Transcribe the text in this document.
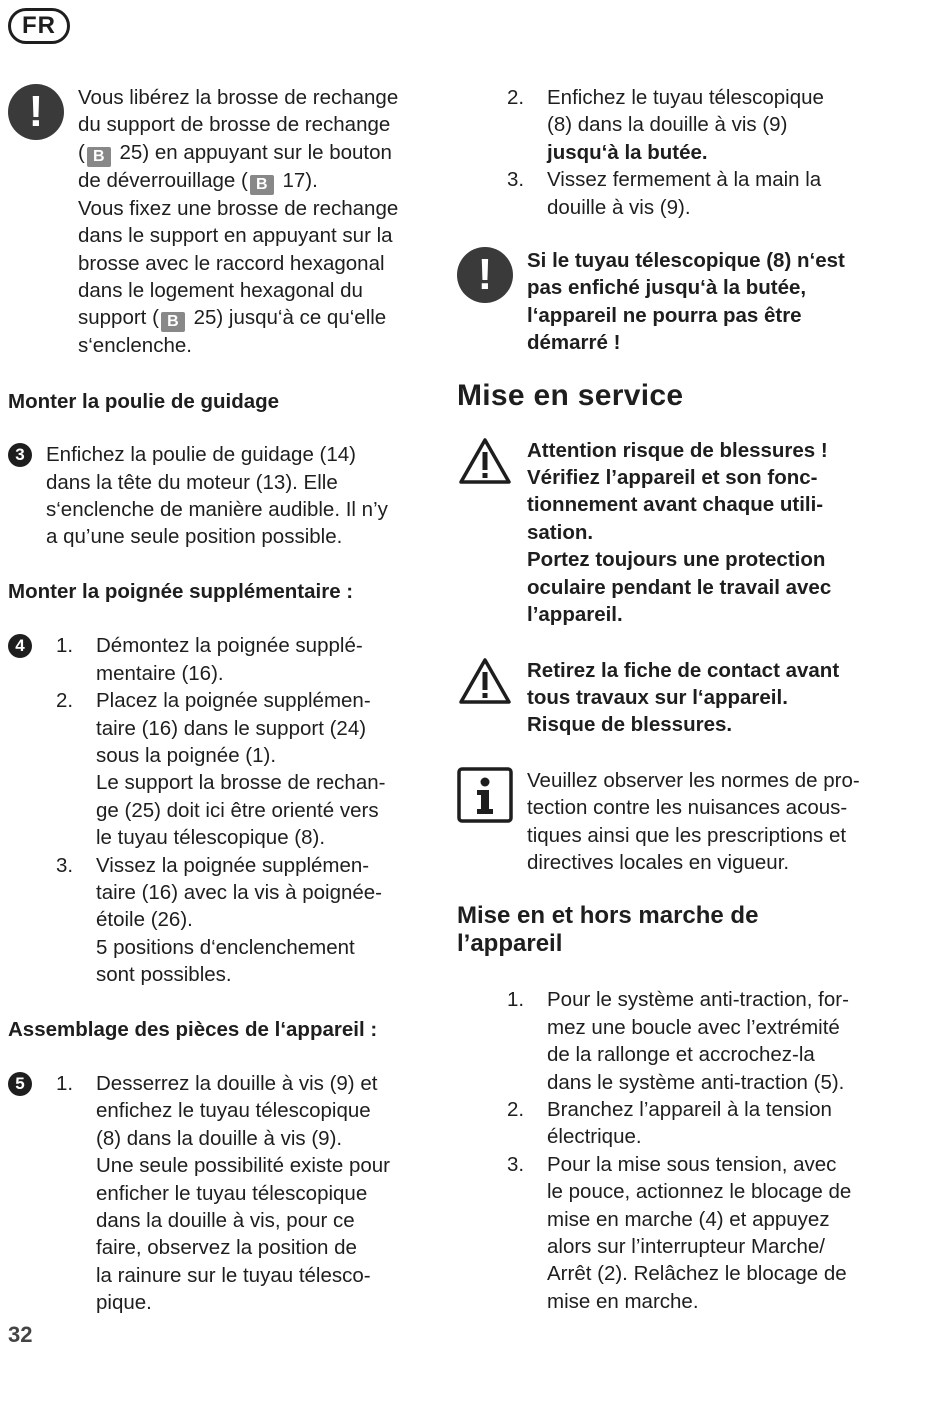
FR
!	Vous libérez la brosse de rechange

du support de brosse de rechange

( B 25) en appuyant sur le bouton

de déverrouillage ( B 17).

Vous fixez une brosse de rechange

dans le support en appuyant sur la

brosse avec le raccord hexagonal

dans le logement hexagonal du

support ( B 25) jusqu‘à ce qu‘elle

s‘enclenche.

Monter la poulie de guidage

3	Enfichez la poulie de guidage (14)

dans la tête du moteur (13). Elle

s‘enclenche de manière audible. Il n’y

a qu’une seule position possible.

Monter la poignée supplémentaire :

4	1.	Démontez la poignée supplé-

mentaire (16).

2.	Placez la poignée supplémen-

taire (16) dans le support (24)

sous la poignée (1).

Le support la brosse de rechan-

ge (25) doit ici être orienté vers

le tuyau télescopique (8).

3.	Vissez la poignée supplémen-

taire (16) avec la vis à poignée-

étoile (26).

5 positions d‘enclenchement

sont possibles.

Assemblage des pièces de l‘appareil :

5	1.	Desserrez la douille à vis (9) et

enfichez le tuyau télescopique

(8) dans la douille à vis (9).

Une seule possibilité existe pour

enficher le tuyau télescopique

dans la douille à vis, pour ce

faire, observez la position de

la rainure sur le tuyau télesco-

pique.

2.	Enfichez le tuyau télescopique

(8) dans la douille à vis (9)

jusqu‘à la butée.

3.	Vissez fermement à la main la

douille à vis (9).

!	Si le tuyau télescopique (8) n‘est

pas enfiché jusqu‘à la butée,

l‘appareil ne pourra pas être

démarré !

Mise en service

Attention risque de blessures !

Vérifiez l’appareil et son fonc-

tionnement avant chaque utili-

sation.

Portez toujours une protection

oculaire pendant le travail avec

l’appareil.

Retirez la fiche de contact avant

tous travaux sur l‘appareil.

Risque de blessures.

Veuillez observer les normes de pro-

tection contre les nuisances acous-

tiques ainsi que les prescriptions et

directives locales en vigueur.

Mise en et hors marche de

l’appareil

1.	Pour le système anti-traction, for-

mez une boucle avec l’extrémité

de la rallonge et accrochez-la

dans le système anti-traction (5).

2.	Branchez l’appareil à la tension

électrique.

3.	Pour la mise sous tension, avec

le pouce, actionnez le blocage de

mise en marche (4) et appuyez

alors sur l’interrupteur Marche/

Arrêt (2). Relâchez le blocage de

mise en marche.

32
